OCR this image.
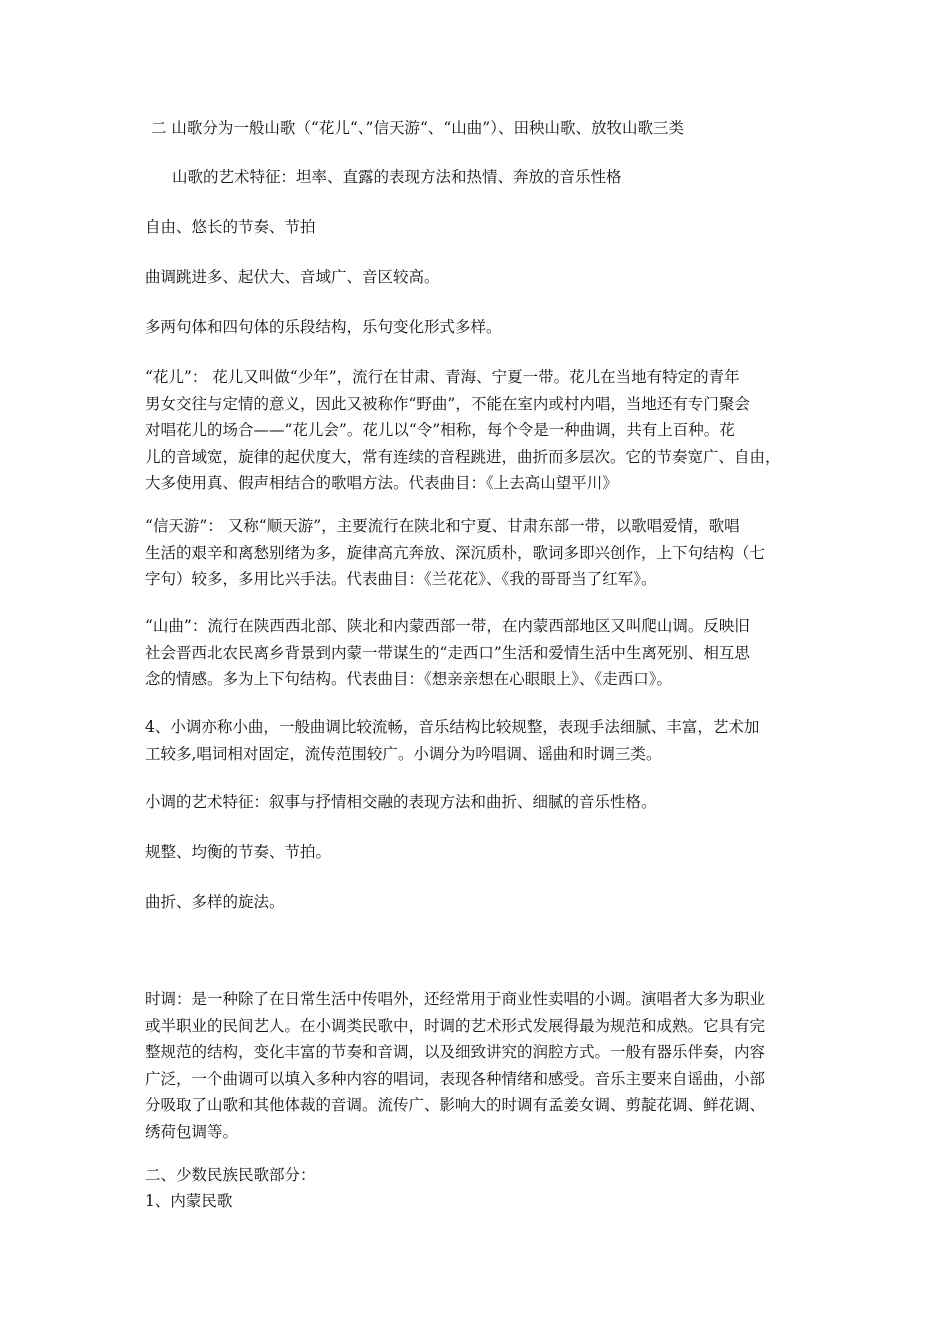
二 山歌分为一般山歌（“花儿“、”信天游“、“山曲”）、田秧山歌、放牧山歌三类

山歌的艺术特征：坦率、直露的表现方法和热情、奔放的音乐性格

自由、悠长的节奏、节拍

曲调跳进多、起伏大、音域广、音区较高。

多两句体和四句体的乐段结构，乐句变化形式多样。

“花儿”： 花儿又叫做“少年”，流行在甘肃、青海、宁夏一带。花儿在当地有特定的青年
男女交往与定情的意义，因此又被称作“野曲”，不能在室内或村内唱，当地还有专门聚会
对唱花儿的场合——“花儿会”。花儿以“令”相称，每个令是一种曲调，共有上百种。花
儿的音域宽，旋律的起伏度大，常有连续的音程跳进，曲折而多层次。它的节奏宽广、自由，
大多使用真、假声相结合的歌唱方法。代表曲目：《上去高山望平川》

“信天游”： 又称“顺天游”，主要流行在陕北和宁夏、甘肃东部一带，以歌唱爱情，歌唱
生活的艰辛和离愁别绪为多，旋律高亢奔放、深沉质朴，歌词多即兴创作，上下句结构（七
字句）较多，多用比兴手法。代表曲目：《兰花花》、《我的哥哥当了红军》。

“山曲”：流行在陕西西北部、陕北和内蒙西部一带，在内蒙西部地区又叫爬山调。反映旧
社会晋西北农民离乡背景到内蒙一带谋生的“走西口”生活和爱情生活中生离死别、相互思
念的情感。多为上下句结构。代表曲目：《想亲亲想在心眼眼上》、《走西口》。

4、小调亦称小曲，一般曲调比较流畅，音乐结构比较规整，表现手法细腻、丰富，艺术加
工较多,唱词相对固定，流传范围较广。小调分为吟唱调、谣曲和时调三类。

小调的艺术特征：叙事与抒情相交融的表现方法和曲折、细腻的音乐性格。

规整、均衡的节奏、节拍。

曲折、多样的旋法。

时调：是一种除了在日常生活中传唱外，还经常用于商业性卖唱的小调。演唱者大多为职业
或半职业的民间艺人。在小调类民歌中，时调的艺术形式发展得最为规范和成熟。它具有完
整规范的结构，变化丰富的节奏和音调，以及细致讲究的润腔方式。一般有器乐伴奏，内容
广泛，一个曲调可以填入多种内容的唱词，表现各种情绪和感受。音乐主要来自谣曲，小部
分吸取了山歌和其他体裁的音调。流传广、影响大的时调有孟姜女调、剪靛花调、鲜花调、
绣荷包调等。

二、少数民族民歌部分：

1、内蒙民歌
